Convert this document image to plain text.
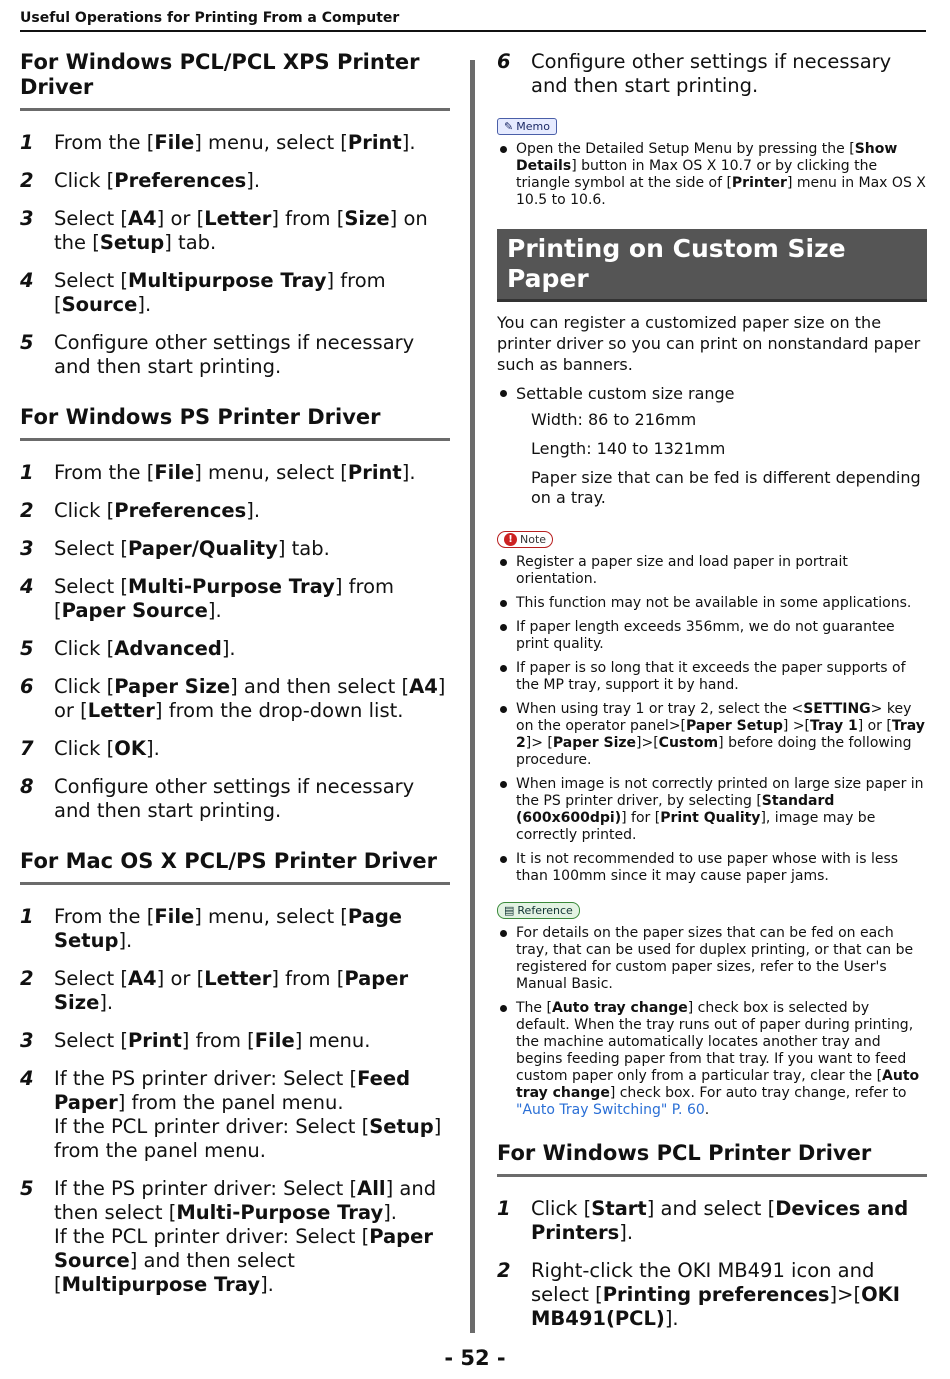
Useful Operations for Printing From a Computer
For Windows PCL/PCL XPS Printer Driver
1	From the [File] menu, select [Print].
2	Click [Preferences].
3	Select [A4] or [Letter] from [Size] on the [Setup] tab.
4	Select [Multipurpose Tray] from [Source].
5	Configure other settings if necessary and then start printing.
For Windows PS Printer Driver
1	From the [File] menu, select [Print].
2	Click [Preferences].
3	Select [Paper/Quality] tab.
4	Select [Multi-Purpose Tray] from [Paper Source].
5	Click [Advanced].
6	Click [Paper Size] and then select [A4] or [Letter] from the drop-down list.
7	Click [OK].
8	Configure other settings if necessary and then start printing.
For Mac OS X PCL/PS Printer Driver
1	From the [File] menu, select [Page Setup].
2	Select [A4] or [Letter] from [Paper Size].
3	Select [Print] from [File] menu.
4	If the PS printer driver: Select [Feed Paper] from the panel menu.
If the PCL printer driver: Select [Setup] from the panel menu.
5	If the PS printer driver: Select [All] and then select [Multi-Purpose Tray].
If the PCL printer driver: Select [Paper Source] and then select [Multipurpose Tray].
6	Configure other settings if necessary and then start printing.
✎ Memo
Open the Detailed Setup Menu by pressing the [Show Details] button in Max OS X 10.7 or by clicking the triangle symbol at the side of [Printer] menu in Max OS X 10.5 to 10.6.
Printing on Custom Size Paper

You can register a customized paper size on the printer driver so you can print on nonstandard paper such as banners.

Settable custom size range

Width: 86 to 216mm

Length: 140 to 1321mm

Paper size that can be fed is different depending on a tray.

! Note
Register a paper size and load paper in portrait orientation.
This function may not be available in some applications.
If paper length exceeds 356mm, we do not guarantee print quality.
If paper is so long that it exceeds the paper supports of the MP tray, support it by hand.
When using tray 1 or tray 2, select the <SETTING> key on the operator panel>[Paper Setup] >[Tray 1] or [Tray 2]> [Paper Size]>[Custom] before doing the following procedure.
When image is not correctly printed on large size paper in the PS printer driver, by selecting [Standard (600x600dpi)] for [Print Quality], image may be correctly printed.
It is not recommended to use paper whose with is less than 100mm since it may cause paper jams.
▤ Reference
For details on the paper sizes that can be fed on each tray, that can be used for duplex printing, or that can be registered for custom paper sizes, refer to the User's Manual Basic.
The [Auto tray change] check box is selected by default. When the tray runs out of paper during printing, the machine automatically locates another tray and begins feeding paper from that tray. If you want to feed custom paper only from a particular tray, clear the [Auto tray change] check box. For auto tray change, refer to "Auto Tray Switching" P. 60.
For Windows PCL Printer Driver
1	Click [Start] and select [Devices and Printers].
2	Right-click the OKI MB491 icon and select [Printing preferences]>[OKI MB491(PCL)].
- 52 -
